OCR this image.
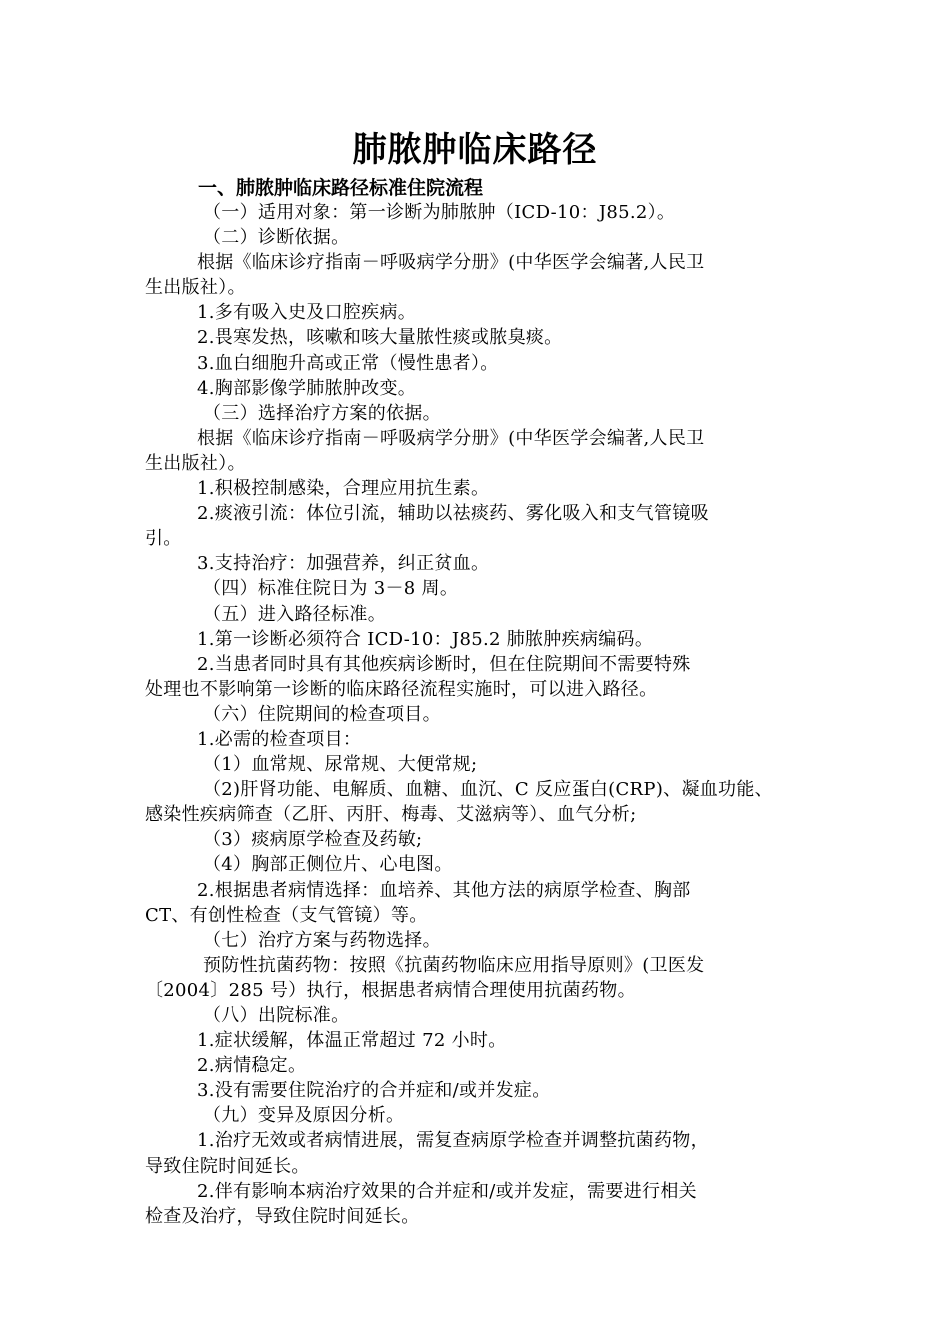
肺脓肿临床路径
一、肺脓肿临床路径标准住院流程

（一）适用对象：第一诊断为肺脓肿（ICD-10：J85.2）。

（二）诊断依据。

根据《临床诊疗指南－呼吸病学分册》(中华医学会编著,人民卫

生出版社）。

1.多有吸入史及口腔疾病。

2.畏寒发热，咳嗽和咳大量脓性痰或脓臭痰。

3.血白细胞升高或正常（慢性患者）。

4.胸部影像学肺脓肿改变。

（三）选择治疗方案的依据。

根据《临床诊疗指南－呼吸病学分册》(中华医学会编著,人民卫

生出版社）。

1.积极控制感染，合理应用抗生素。

2.痰液引流：体位引流，辅助以祛痰药、雾化吸入和支气管镜吸

引。

3.支持治疗：加强营养，纠正贫血。

（四）标准住院日为 3－8 周。

（五）进入路径标准。

1.第一诊断必须符合 ICD-10：J85.2 肺脓肿疾病编码。

2.当患者同时具有其他疾病诊断时，但在住院期间不需要特殊

处理也不影响第一诊断的临床路径流程实施时，可以进入路径。

（六）住院期间的检查项目。

1.必需的检查项目：

（1）血常规、尿常规、大便常规;

（2)肝肾功能、电解质、血糖、血沉、C 反应蛋白(CRP)、凝血功能、

感染性疾病筛查（乙肝、丙肝、梅毒、艾滋病等）、血气分析;

（3）痰病原学检查及药敏;

（4）胸部正侧位片、心电图。

2.根据患者病情选择：血培养、其他方法的病原学检查、胸部

CT、有创性检查（支气管镜）等。

（七）治疗方案与药物选择。

预防性抗菌药物：按照《抗菌药物临床应用指导原则》(卫医发

〔2004〕285 号）执行，根据患者病情合理使用抗菌药物。

（八）出院标准。

1.症状缓解，体温正常超过 72 小时。

2.病情稳定。

3.没有需要住院治疗的合并症和/或并发症。

（九）变异及原因分析。

1.治疗无效或者病情进展，需复查病原学检查并调整抗菌药物，

导致住院时间延长。

2.伴有影响本病治疗效果的合并症和/或并发症，需要进行相关

检查及治疗，导致住院时间延长。
